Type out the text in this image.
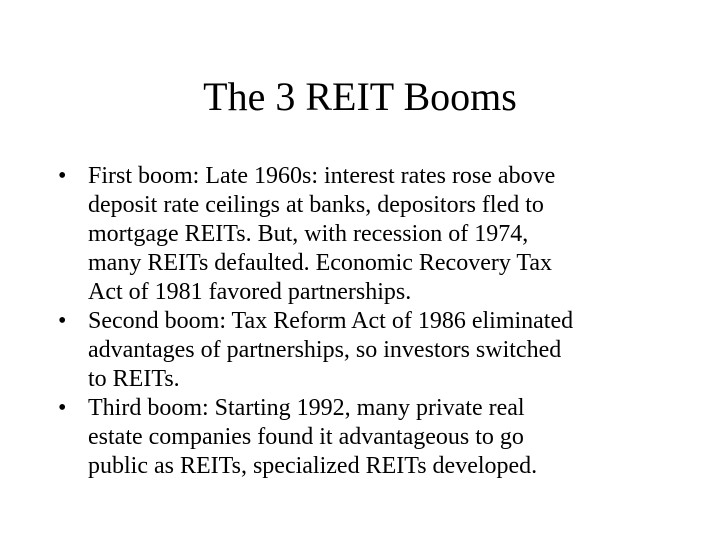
The 3 REIT Booms
• First boom: Late 1960s: interest rates rose above
deposit rate ceilings at banks, depositors fled to
mortgage REITs. But, with recession of 1974,
many REITs defaulted. Economic Recovery Tax
Act of 1981 favored partnerships.
• Second boom: Tax Reform Act of 1986 eliminated
advantages of partnerships, so investors switched
to REITs.
• Third boom: Starting 1992, many private real
estate companies found it advantageous to go
public as REITs, specialized REITs developed.
